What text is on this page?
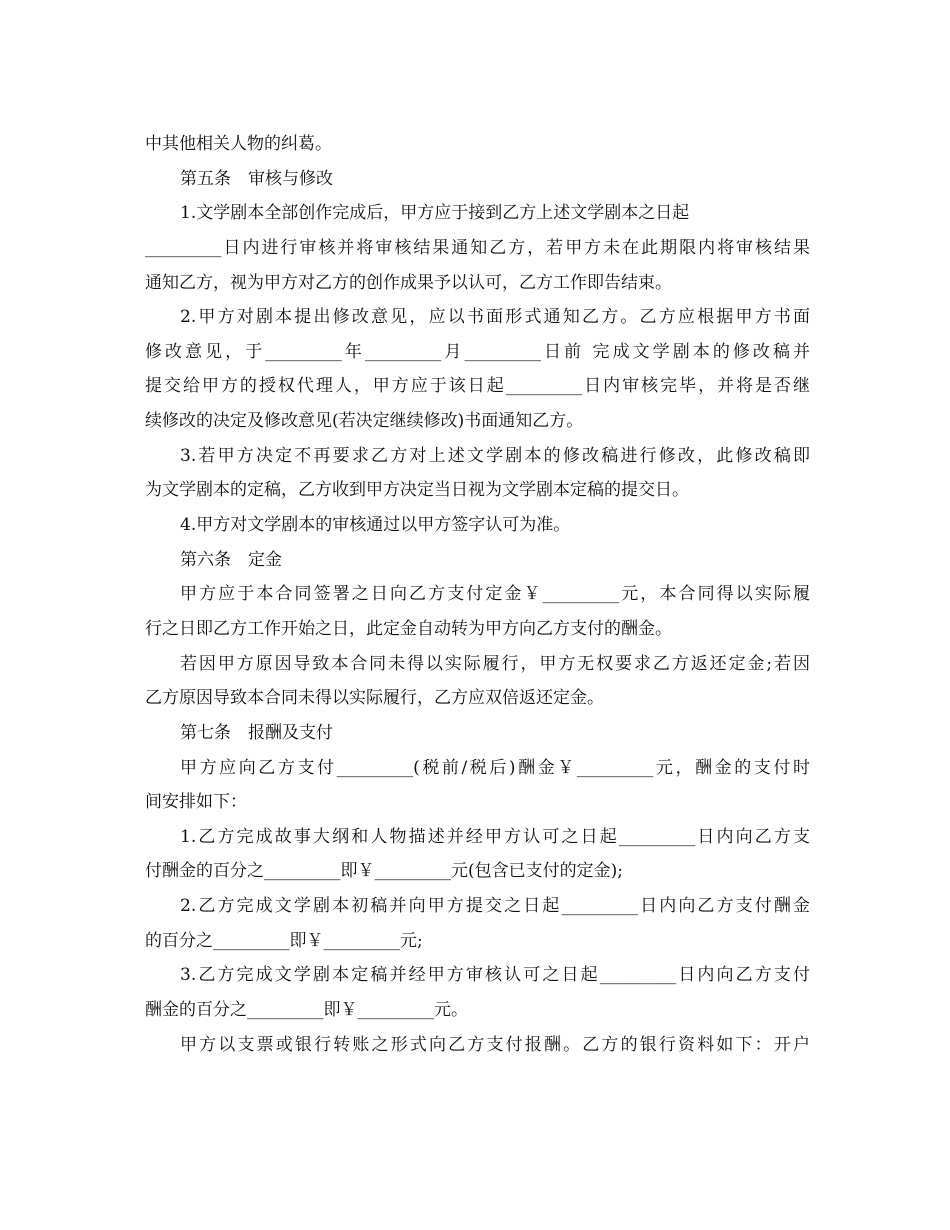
中其他相关人物的纠葛。
第五条　审核与修改
1.文学剧本全部创作完成后，甲方应于接到乙方上述文学剧本之日起
_________日内进行审核并将审核结果通知乙方，若甲方未在此期限内将审核结果
通知乙方，视为甲方对乙方的创作成果予以认可，乙方工作即告结束。
2.甲方对剧本提出修改意见，应以书面形式通知乙方。乙方应根据甲方书面
修改意见，于_________年_________月_________日前 完成文学剧本的修改稿并
提交给甲方的授权代理人，甲方应于该日起_________日内审核完毕，并将是否继
续修改的决定及修改意见(若决定继续修改)书面通知乙方。
3.若甲方决定不再要求乙方对上述文学剧本的修改稿进行修改，此修改稿即
为文学剧本的定稿，乙方收到甲方决定当日视为文学剧本定稿的提交日。
4.甲方对文学剧本的审核通过以甲方签字认可为准。
第六条　定金
甲方应于本合同签署之日向乙方支付定金￥_________元，本合同得以实际履
行之日即乙方工作开始之日，此定金自动转为甲方向乙方支付的酬金。
若因甲方原因导致本合同未得以实际履行，甲方无权要求乙方返还定金;若因
乙方原因导致本合同未得以实际履行，乙方应双倍返还定金。
第七条　报酬及支付
甲方应向乙方支付_________(税前/税后)酬金￥_________元，酬金的支付时
间安排如下：
1.乙方完成故事大纲和人物描述并经甲方认可之日起_________日内向乙方支
付酬金的百分之_________即￥_________元(包含已支付的定金);
2.乙方完成文学剧本初稿并向甲方提交之日起_________日内向乙方支付酬金
的百分之_________即￥_________元;
3.乙方完成文学剧本定稿并经甲方审核认可之日起_________日内向乙方支付
酬金的百分之_________即￥_________元。
甲方以支票或银行转账之形式向乙方支付报酬。乙方的银行资料如下：开户
